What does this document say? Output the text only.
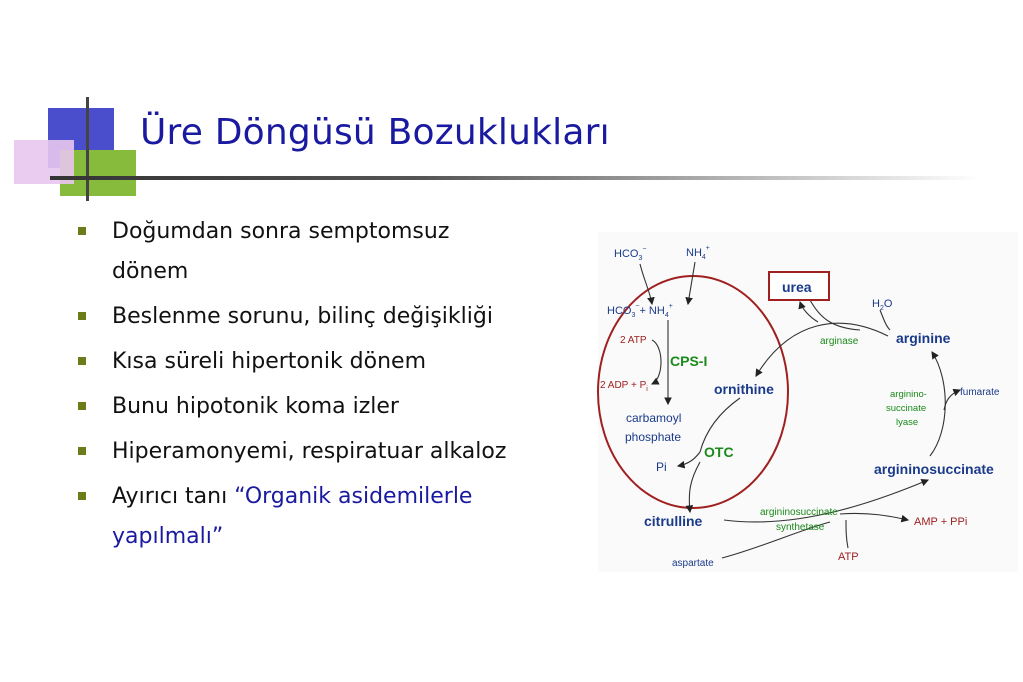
Üre Döngüsü Bozuklukları
Doğumdan sonra semptomsuz dönem
Beslenme sorunu, bilinç değişikliği
Kısa süreli hipertonik dönem
Bunu hipotonik koma izler
Hiperamonyemi, respiratuar alkaloz
Ayırıcı tanı “Organik asidemilerle yapılmalı”
$HCO_3^-$	$NH_4^+$
$HCO_3^-+ NH_4^+$
2 ATP
2 ADP + $P_i$
CPS-I
carbamoyl
phosphate
Pi
OTC
ornithine
citrulline
urea
$H_2O$
arginase	arginine
arginino-
succinate
lyase
fumarate
argininosuccinate
argininosuccinate
synthetase	AMP + PPi
ATP
aspartate
